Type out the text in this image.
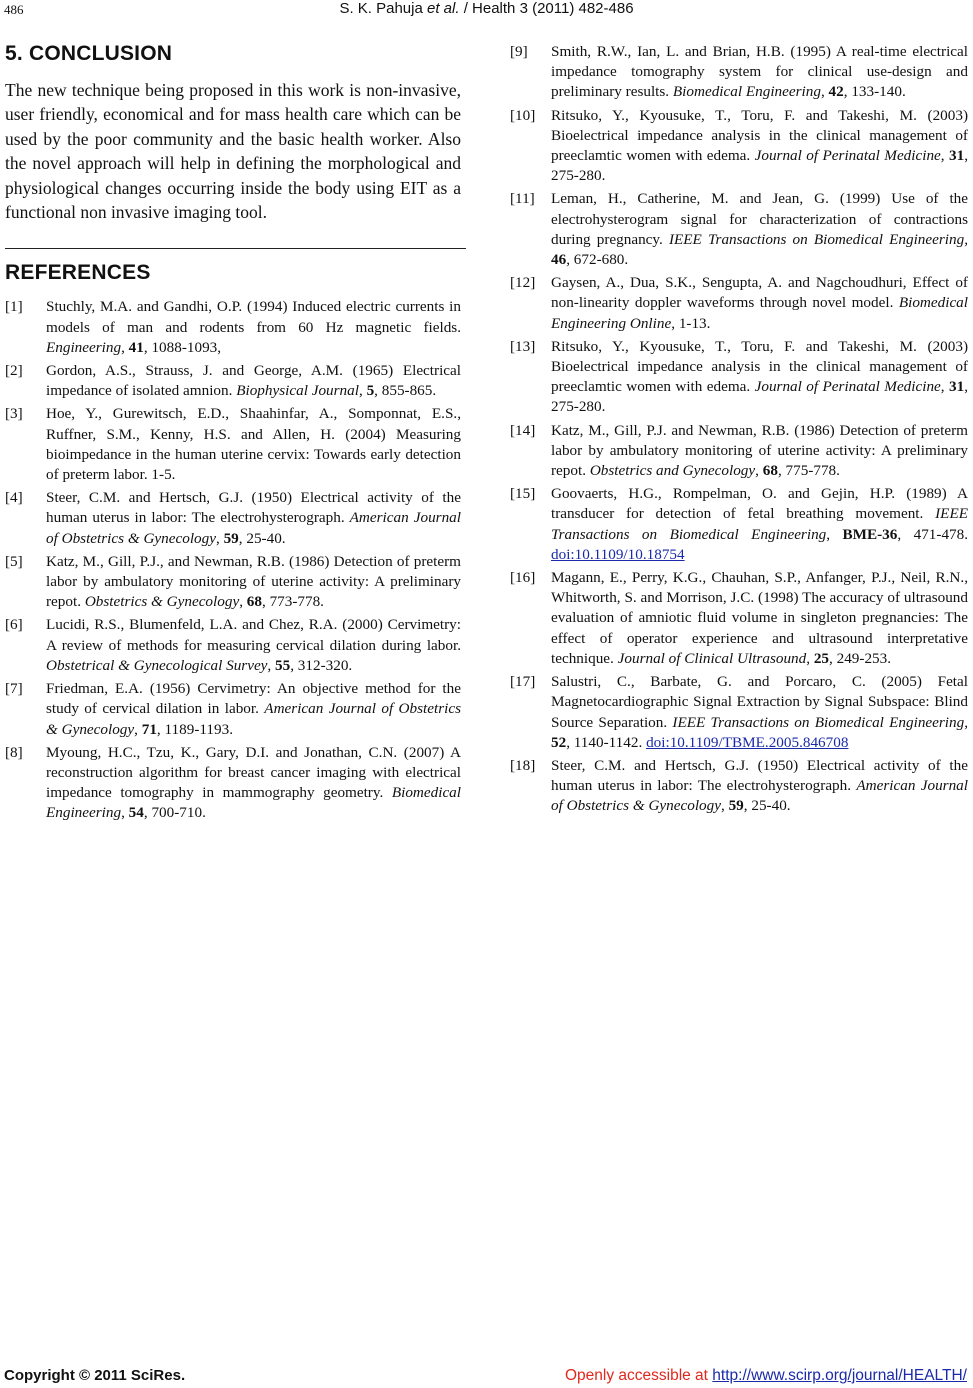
486	S. K. Pahuja et al. / Health 3 (2011) 482-486
5. CONCLUSION

The new technique being proposed in this work is non-invasive, user friendly, economical and for mass health care which can be used by the poor community and the basic health worker. Also the novel approach will help in defining the morphological and physiological changes occurring inside the body using EIT as a functional non invasive imaging tool.

REFERENCES
[1] Stuchly, M.A. and Gandhi, O.P. (1994) Induced electric currents in models of man and rodents from 60 Hz magnetic fields. Engineering, 41, 1088-1093,
[2] Gordon, A.S., Strauss, J. and George, A.M. (1965) Electrical impedance of isolated amnion. Biophysical Journal, 5, 855-865.
[3] Hoe, Y., Gurewitsch, E.D., Shaahinfar, A., Somponnat, E.S., Ruffner, S.M., Kenny, H.S. and Allen, H. (2004) Measuring bioimpedance in the human uterine cervix: Towards early detection of preterm labor. 1-5.
[4] Steer, C.M. and Hertsch, G.J. (1950) Electrical activity of the human uterus in labor: The electrohysterograph. American Journal of Obstetrics & Gynecology, 59, 25-40.
[5] Katz, M., Gill, P.J., and Newman, R.B. (1986) Detection of preterm labor by ambulatory monitoring of uterine activity: A preliminary repot. Obstetrics & Gynecology, 68, 773-778.
[6] Lucidi, R.S., Blumenfeld, L.A. and Chez, R.A. (2000) Cervimetry: A review of methods for measuring cervical dilation during labor. Obstetrical & Gynecological Survey, 55, 312-320.
[7] Friedman, E.A. (1956) Cervimetry: An objective method for the study of cervical dilation in labor. American Journal of Obstetrics & Gynecology, 71, 1189-1193.
[8] Myoung, H.C., Tzu, K., Gary, D.I. and Jonathan, C.N. (2007) A reconstruction algorithm for breast cancer imaging with electrical impedance tomography in mammography geometry. Biomedical Engineering, 54, 700-710.
[9] Smith, R.W., Ian, L. and Brian, H.B. (1995) A real-time electrical impedance tomography system for clinical use-design and preliminary results. Biomedical Engineering, 42, 133-140.
[10] Ritsuko, Y., Kyousuke, T., Toru, F. and Takeshi, M. (2003) Bioelectrical impedance analysis in the clinical management of preeclamtic women with edema. Journal of Perinatal Medicine, 31, 275-280.
[11] Leman, H., Catherine, M. and Jean, G. (1999) Use of the electrohysterogram signal for characterization of contractions during pregnancy. IEEE Transactions on Biomedical Engineering, 46, 672-680.
[12] Gaysen, A., Dua, S.K., Sengupta, A. and Nagchoudhuri, Effect of non-linearity doppler waveforms through novel model. Biomedical Engineering Online, 1-13.
[13] Ritsuko, Y., Kyousuke, T., Toru, F. and Takeshi, M. (2003) Bioelectrical impedance analysis in the clinical management of preeclamtic women with edema. Journal of Perinatal Medicine, 31, 275-280.
[14] Katz, M., Gill, P.J. and Newman, R.B. (1986) Detection of preterm labor by ambulatory monitoring of uterine activity: A preliminary repot. Obstetrics and Gynecology, 68, 775-778.
[15] Goovaerts, H.G., Rompelman, O. and Gejin, H.P. (1989) A transducer for detection of fetal breathing movement. IEEE Transactions on Biomedical Engineering, BME-36, 471-478. doi:10.1109/10.18754
[16] Magann, E., Perry, K.G., Chauhan, S.P., Anfanger, P.J., Neil, R.N., Whitworth, S. and Morrison, J.C. (1998) The accuracy of ultrasound evaluation of amniotic fluid volume in singleton pregnancies: The effect of operator experience and ultrasound interpretative technique. Journal of Clinical Ultrasound, 25, 249-253.
[17] Salustri, C., Barbate, G. and Porcaro, C. (2005) Fetal Magnetocardiographic Signal Extraction by Signal Subspace: Blind Source Separation. IEEE Transactions on Biomedical Engineering, 52, 1140-1142. doi:10.1109/TBME.2005.846708
[18] Steer, C.M. and Hertsch, G.J. (1950) Electrical activity of the human uterus in labor: The electrohysterograph. American Journal of Obstetrics & Gynecology, 59, 25-40.
Copyright © 2011 SciRes.	Openly accessible at http://www.scirp.org/journal/HEALTH/
